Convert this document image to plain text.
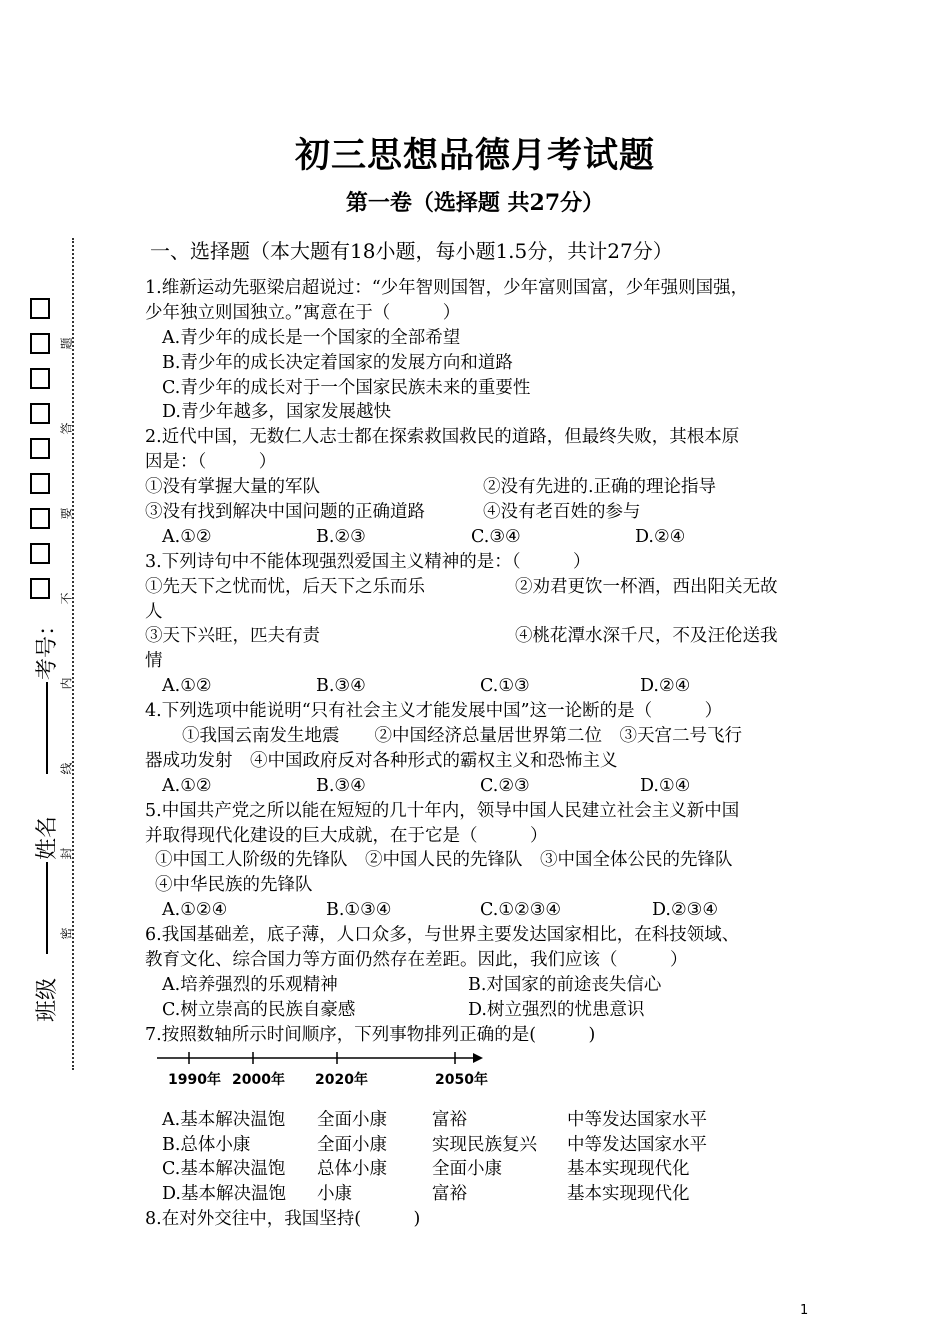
初三思想品德月考试题
第一卷（选择题 共27分）
一、选择题（本大题有18小题，每小题1.5分，共计27分）
题
答
要
不
内
线
封
密
考号：
姓名
班级
1.维新运动先驱梁启超说过：“少年智则国智，少年富则国富，少年强则国强，
少年独立则国独立。”寓意在于（　　　）
A.青少年的成长是一个国家的全部希望
B.青少年的成长决定着国家的发展方向和道路
C.青少年的成长对于一个国家民族未来的重要性
D.青少年越多，国家发展越快
2.近代中国，无数仁人志士都在探索救国救民的道路，但最终失败，其根本原
因是：（　　　）
①没有掌握大量的军队	②没有先进的.正确的理论指导
③没有找到解决中国问题的正确道路	④没有老百姓的参与
A.①②	B.②③	C.③④	D.②④
3.下列诗句中不能体现强烈爱国主义精神的是：（　　　）
①先天下之忧而忧，后天下之乐而乐	②劝君更饮一杯酒，西出阳关无故
人
③天下兴旺，匹夫有责	④桃花潭水深千尺，不及汪伦送我
情
A.①②	B.③④	C.①③	D.②④
4.下列选项中能说明“只有社会主义才能发展中国”这一论断的是（　　　）
①我国云南发生地震　　②中国经济总量居世界第二位　③天宫二号飞行
器成功发射　④中国政府反对各种形式的霸权主义和恐怖主义
A.①②	B.③④	C.②③	D.①④
5.中国共产党之所以能在短短的几十年内，领导中国人民建立社会主义新中国
并取得现代化建设的巨大成就，在于它是（　　　）
①中国工人阶级的先锋队　②中国人民的先锋队　③中国全体公民的先锋队
④中华民族的先锋队
A.①②④	B.①③④	C.①②③④	D.②③④
6.我国基础差，底子薄，人口众多，与世界主要发达国家相比，在科技领域、
教育文化、综合国力等方面仍然存在差距。因此，我们应该（　　　）
A.培养强烈的乐观精神	B.对国家的前途丧失信心
C.树立崇高的民族自豪感	D.树立强烈的忧患意识
7.按照数轴所示时间顺序，下列事物排列正确的是(　　　)
1990年 2000年 2020年	2050年
A.基本解决温饱 全面小康	富裕	中等发达国家水平
B.总体小康	全面小康	实现民族复兴 中等发达国家水平
C.基本解决温饱 总体小康	全面小康	基本实现现代化
D.基本解决温饱 小康	富裕	基本实现现代化
8.在对外交往中，我国坚持(　　　)
1
